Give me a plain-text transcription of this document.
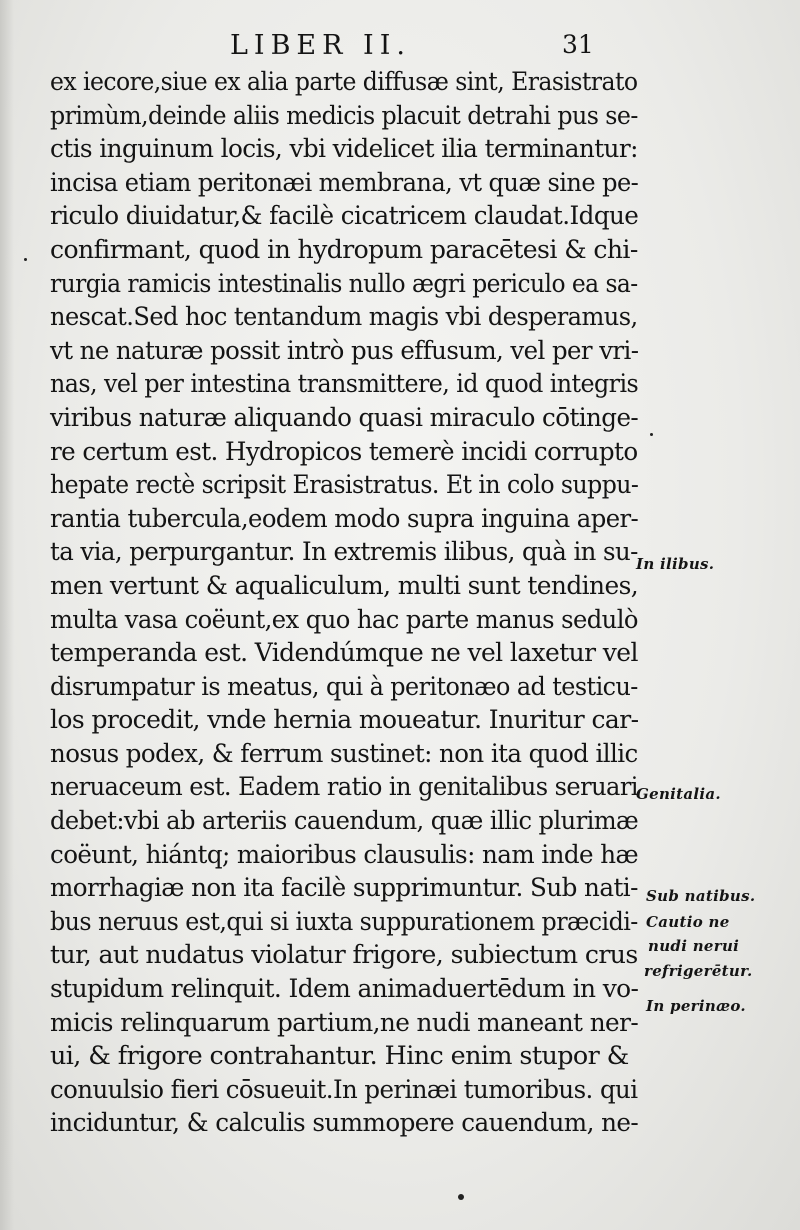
LIBER II.	31
ex iecore,siue ex alia parte diffusæ sint, Erasistrato
primùm,deinde aliis medicis placuit detrahi pus se-
ctis inguinum locis, vbi videlicet ilia terminantur:
incisa etiam peritonæi membrana, vt quæ sine pe-
riculo diuidatur,& facilè cicatricem claudat.Idque
confirmant, quod in hydropum paracētesi & chi-
rurgia ramicis intestinalis nullo ægri periculo ea sa-
nescat.Sed hoc tentandum magis vbi desperamus,
vt ne naturæ possit intrò pus effusum, vel per vri-
nas, vel per intestina transmittere, id quod integris
viribus naturæ aliquando quasi miraculo cōtinge-
re certum est. Hydropicos temerè incidi corrupto
hepate rectè scripsit Erasistratus. Et in colo suppu-
rantia tubercula,eodem modo supra inguina aper-
ta via, perpurgantur. In extremis ilibus, quà in su-
men vertunt & aqualiculum, multi sunt tendines,
multa vasa coëunt,ex quo hac parte manus sedulò
temperanda est. Videndúmque ne vel laxetur vel
disrumpatur is meatus, qui à peritonæo ad testicu-
los procedit, vnde hernia moueatur. Inuritur car-
nosus podex, & ferrum sustinet: non ita quod illic
neruaceum est. Eadem ratio in genitalibus seruari
debet:vbi ab arteriis cauendum, quæ illic plurimæ
coëunt, hiántq; maioribus clausulis: nam inde hæ
morrhagiæ non ita facilè supprimuntur. Sub nati-
bus neruus est,qui si iuxta suppurationem præcidi-
tur, aut nudatus violatur frigore, subiectum crus
stupidum relinquit. Idem animaduertēdum in vo-
micis relinquarum partium,ne nudi maneant ner-
ui, & frigore contrahantur. Hinc enim stupor &
conuulsio fieri cōsueuit.In perinæi tumoribus. qui
inciduntur, & calculis summopere cauendum, ne-
In ilibus.
Genitalia.
Sub natibus.
Cautio ne
nudi nerui
refrigerētur.
In perinæo.
